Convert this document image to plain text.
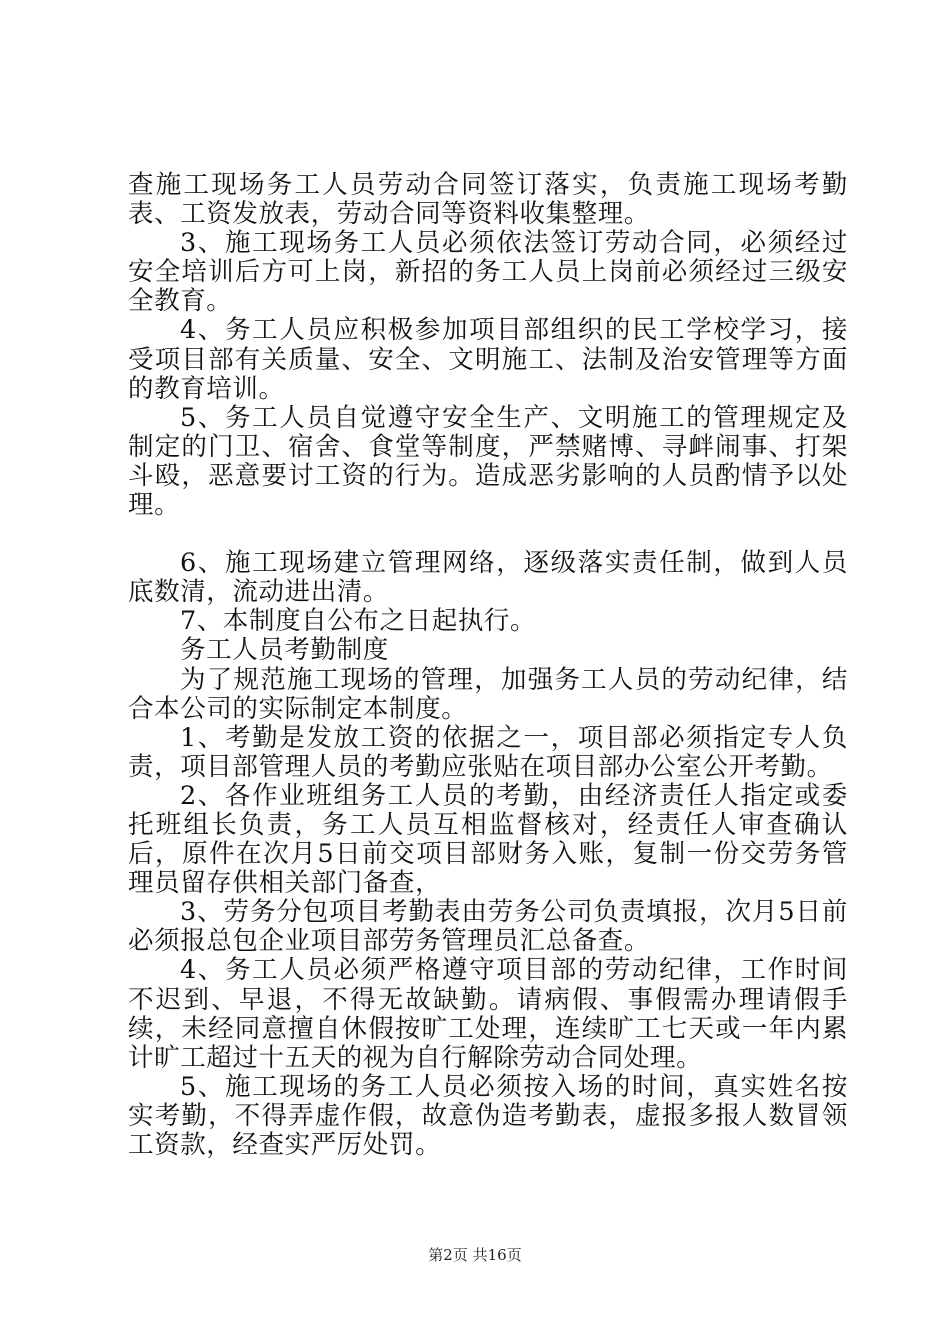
查施工现场务工人员劳动合同签订落实，负责施工现场考勤表、工资发放表，劳动合同等资料收集整理。

3、施工现场务工人员必须依法签订劳动合同，必须经过安全培训后方可上岗，新招的务工人员上岗前必须经过三级安全教育。

4、务工人员应积极参加项目部组织的民工学校学习，接受项目部有关质量、安全、文明施工、法制及治安管理等方面的教育培训。

5、务工人员自觉遵守安全生产、文明施工的管理规定及制定的门卫、宿舍、食堂等制度，严禁赌博、寻衅闹事、打架斗殴，恶意要讨工资的行为。造成恶劣影响的人员酌情予以处理。

6、施工现场建立管理网络，逐级落实责任制，做到人员底数清，流动进出清。

7、本制度自公布之日起执行。

务工人员考勤制度

为了规范施工现场的管理，加强务工人员的劳动纪律，结合本公司的实际制定本制度。

1、考勤是发放工资的依据之一，项目部必须指定专人负责，项目部管理人员的考勤应张贴在项目部办公室公开考勤。

2、各作业班组务工人员的考勤，由经济责任人指定或委托班组长负责，务工人员互相监督核对，经责任人审查确认后，原件在次月5日前交项目部财务入账，复制一份交劳务管理员留存供相关部门备查，

3、劳务分包项目考勤表由劳务公司负责填报，次月5日前必须报总包企业项目部劳务管理员汇总备查。

4、务工人员必须严格遵守项目部的劳动纪律，工作时间不迟到、早退，不得无故缺勤。请病假、事假需办理请假手续，未经同意擅自休假按旷工处理，连续旷工七天或一年内累计旷工超过十五天的视为自行解除劳动合同处理。

5、施工现场的务工人员必须按入场的时间，真实姓名按实考勤，不得弄虚作假，故意伪造考勤表，虚报多报人数冒领工资款，经查实严厉处罚。

第2页 共16页
